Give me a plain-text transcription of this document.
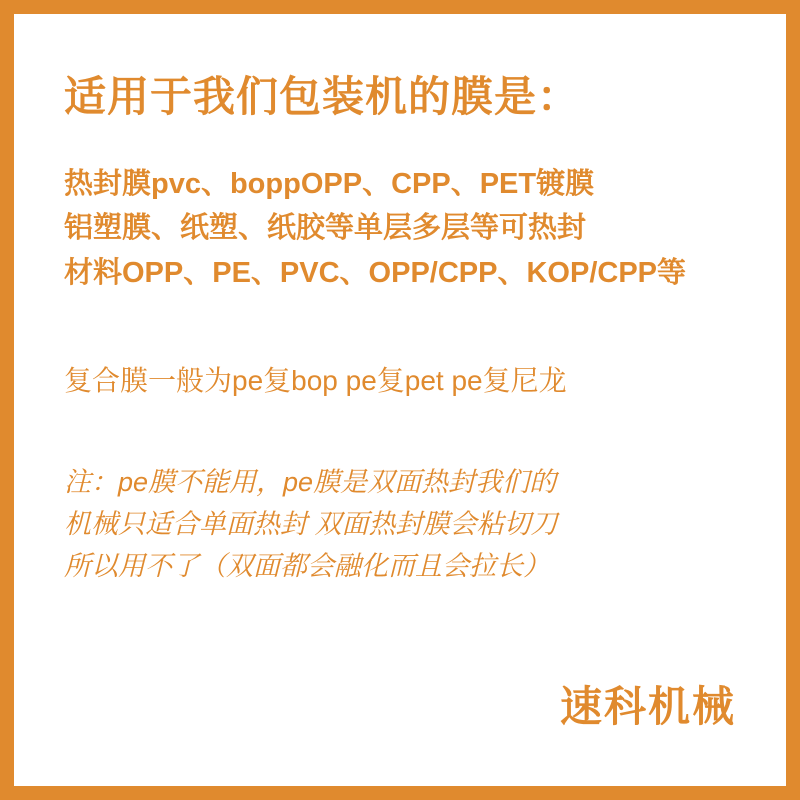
适用于我们包装机的膜是：
热封膜pvc、boppOPP、CPP、PET镀膜
铝塑膜、纸塑、纸胶等单层多层等可热封
材料OPP、PE、PVC、OPP/CPP、KOP/CPP等
复合膜一般为pe复bop pe复pet pe复尼龙
注：pe膜不能用，pe膜是双面热封我们的
机械只适合单面热封 双面热封膜会粘切刀
所以用不了（双面都会融化而且会拉长）
速科机械
